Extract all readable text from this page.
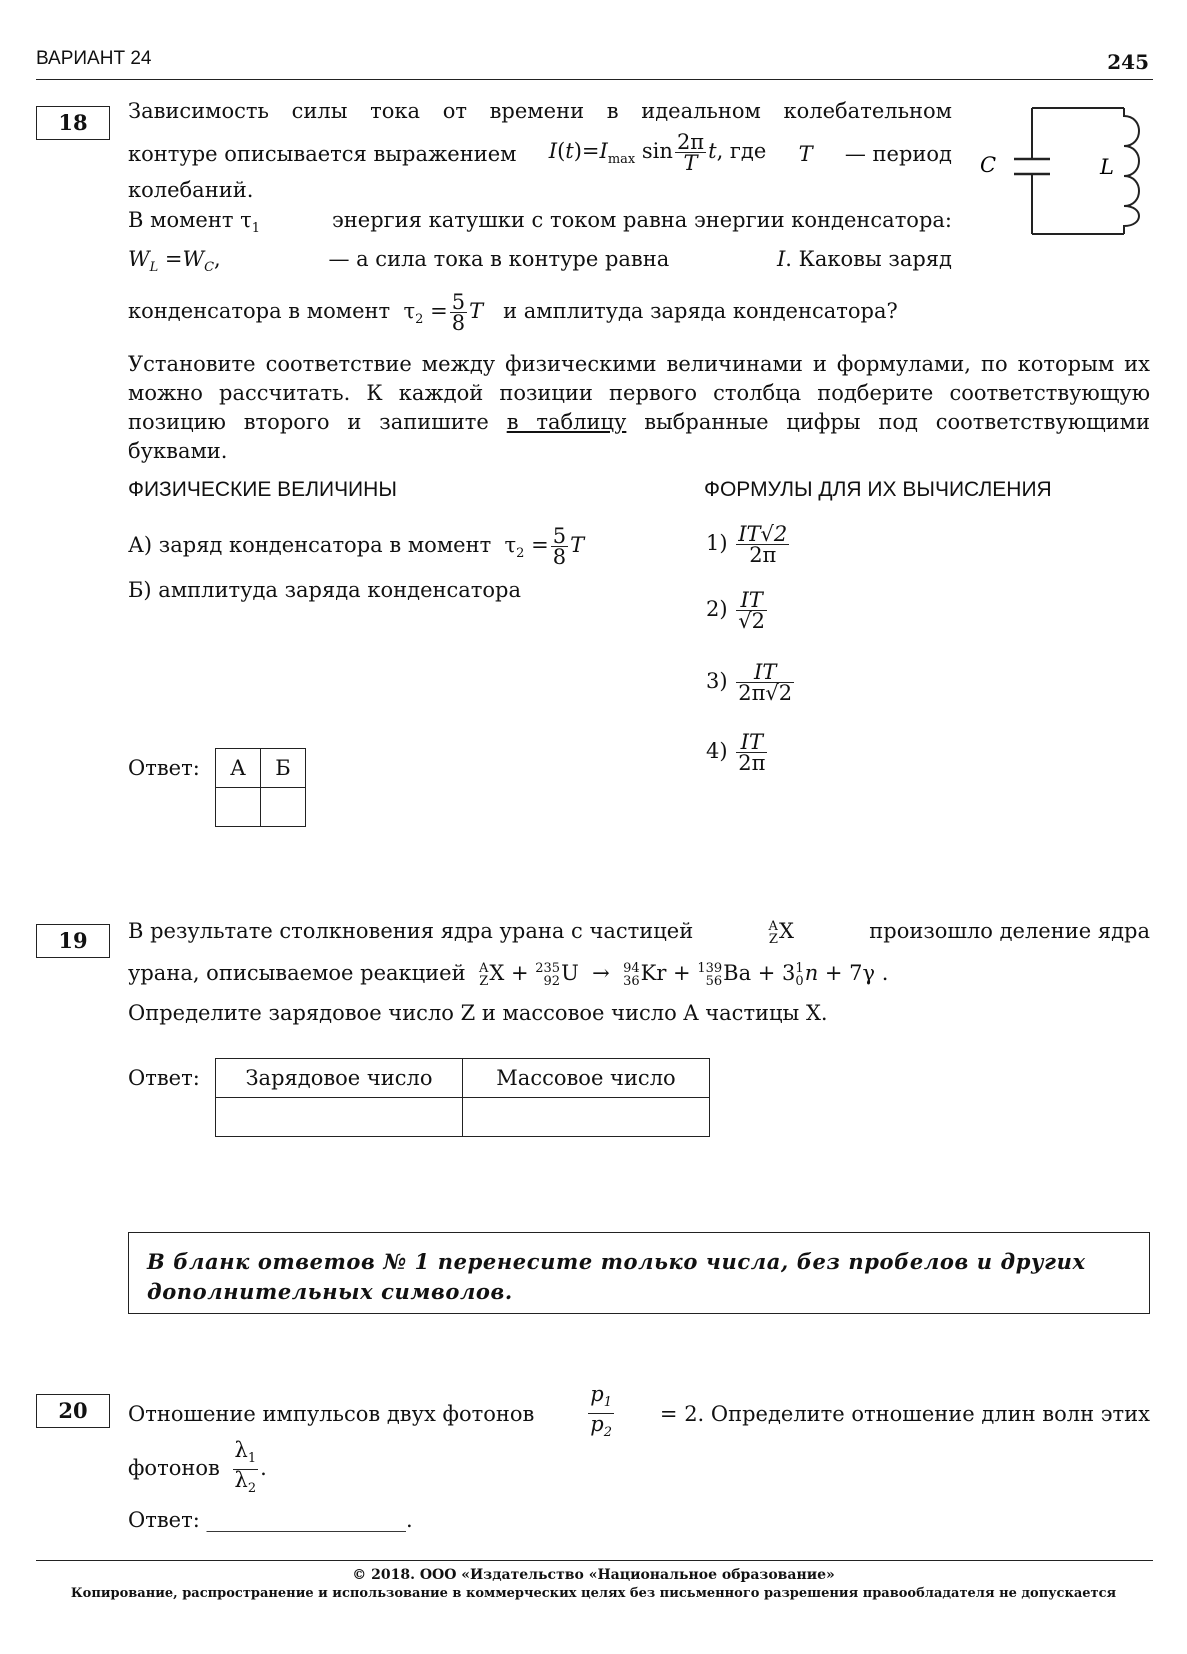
ВАРИАНТ 24	245
18	Зависимость силы тока от времени в идеальном колебательном
контуре описывается выражением $I(t)=I_{max}$ $\sin \frac{2\pi}{T} t$, где T — период
колебаний.
В момент $\tau_1$	энергия катушки с током равна энергии конденсатора:
$W_L =W_C$,	— а сила тока в контуре равна	I. Каковы заряд
конденсатора в момент  $\tau_2 = \frac{5}{8}$ T и амплитуда заряда конденсатора?
C	L
Установите соответствие между физическими величинами и формулами, по которым их можно рассчитать. К каждой позиции первого столбца подберите соответствующую позицию второго и запишите в таблицу выбранные цифры под соответствующими буквами.
ФИЗИЧЕСКИЕ ВЕЛИЧИНЫ	ФОРМУЛЫ ДЛЯ ИХ ВЫЧИСЛЕНИЯ
А) заряд конденсатора в момент  $\tau_2 = \frac{5}{8}$ T
Б) амплитуда заряда конденсатора
$1) \frac{IT√2}{2\pi}$
$2) \frac{IT}{√2}$
$3) \frac{IT}{2\pi√2}$
$4) \frac{IT}{2\pi}$
Ответ: А	Б

19	В результате столкновения ядра урана с частицей	A
Z X	произошло деление ядра
урана, описываемое реакцией A
Z X + 235
92 U  → 94
36 Kr + 139
56 Ba + 3 1
0 n + 7γ .
Определите зарядовое число Z и массовое число A частицы X.
Ответ: Зарядовое число	Массовое число

В бланк ответов № 1 перенесите только числа, без пробелов и других дополнительных символов.
20	Отношение импульсов двух фотонов	$\frac{p_1}{p_2} = 2$. Определите отношение длин волн этих
фотонов $\frac{\lambda_1}{\lambda_2}$ .
Ответ: ___________________.
© 2018. ООО «Издательство «Национальное образование»
Копирование, распространение и использование в коммерческих целях без письменного разрешения правообладателя не допускается
